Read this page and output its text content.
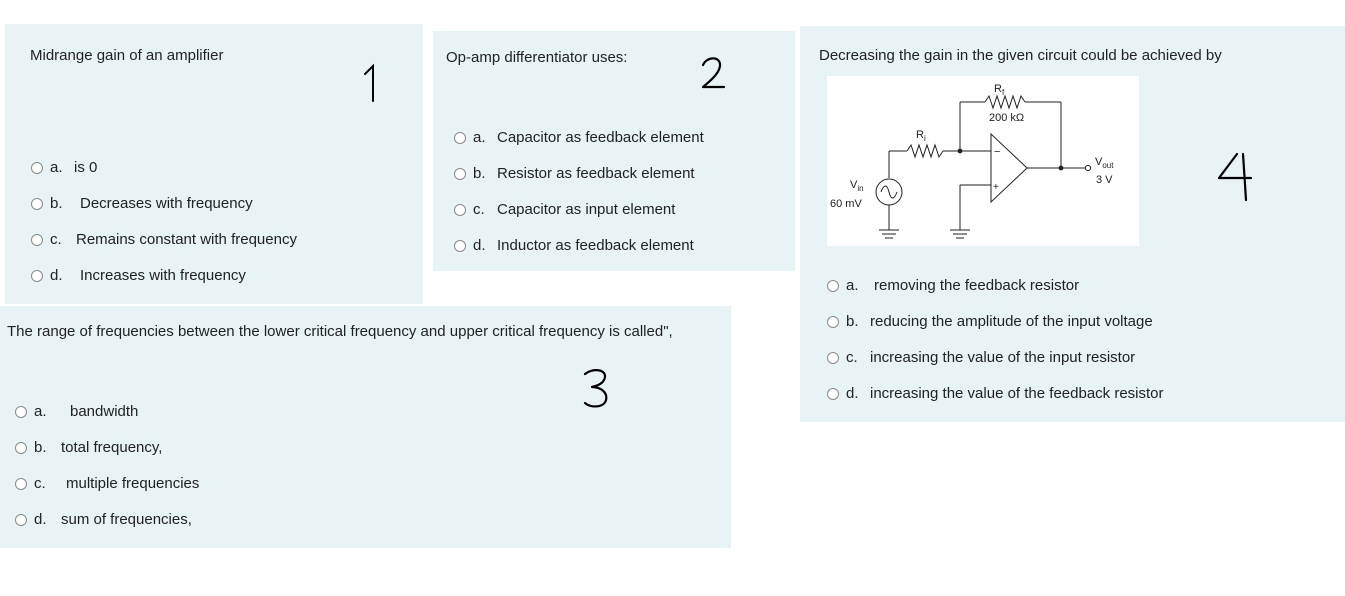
Midrange gain of an amplifier
a. is 0
b.	Decreases with frequency
c. Remains constant with frequency
d.	Increases with frequency
Op-amp differentiator uses:
a. Capacitor as feedback element
b. Resistor as feedback element
c. Capacitor as input element
d. Inductor as feedback element
The range of frequencies between the lower critical frequency and upper critical frequency is called",
a.	bandwidth
b. total frequency,
c.	multiple frequencies
d. sum of frequencies,
Decreasing the gain in the given circuit could be achieved by
$R_f$
200 kΩ
$R_i$
$V_{in}$
60 mV
−
+
$V_{out}$
3 V
a.	removing the feedback resistor
b. reducing the amplitude of the input voltage
c. increasing the value of the input resistor
d. increasing the value of the feedback resistor
